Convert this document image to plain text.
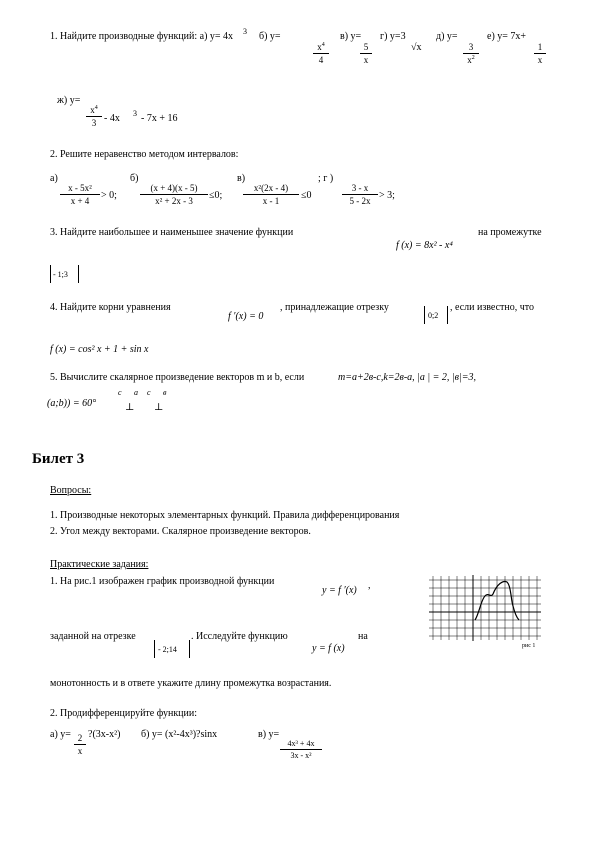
1. Найдите производные функций: а) y= 4x 3 б) y=
$\frac{x^4}{4}$
в) y=
$\frac{5}{x}$
г) y=3
√x
д) y=
$\frac{3}{x^2}$
е) y= 7x+
$\frac{1}{x}$
ж) y=
$\frac{x^4}{3} - 4x$ 3 - 7x + 16
2. Решите неравенство методом интервалов:
а)	б)	в)	; г )
$\frac{\text{x - 5x²}}{x + 4} > 0$;	$\frac{(x + 4)(x - 5)}{\text{x² + 2x - 3}} \le 0$; $\frac{\text{x²(2x - 4)}}{x - 1} \le 0$	$\frac{3 - x}{5 - 2x} > 3$;
3. Найдите наибольшее и наименьшее значение функции
f (x) = 8x² - x⁴
на промежутке
- 1;3
4. Найдите корни уравнения
f ′(x) = 0
, принадлежащие отрезку
0;2
, если известно, что
f (x) = cos² x + 1 + sin x
5. Вычислите скалярное произведение векторов m и b, если	m=a+2в-с,k=2в-а, |a | = 2, |в|=3,
(a;b)) = 60°
c
⊥
a c
⊥
в
Билет 3
Вопросы:
1. Производные некоторых элементарных функций. Правила дифференцирования
2. Угол между векторами. Скалярное произведение векторов.
Практические задания:
1. На рис.1 изображен график производной функции
y = f ′(x) ,
заданной на отрезке
- 2;14
. Исследуйте функцию
y = f (x)
на
монотонность и в ответе укажите длину промежутка возрастания.
рис 1
2. Продифференцируйте функции:
а) $y= \frac{2}{x}$ ?(3x-x²) б) y= (x²-4x³)?sinx	в) y=
$\frac{\text{4x³ + 4x}}{\text{3x - x²}}$
